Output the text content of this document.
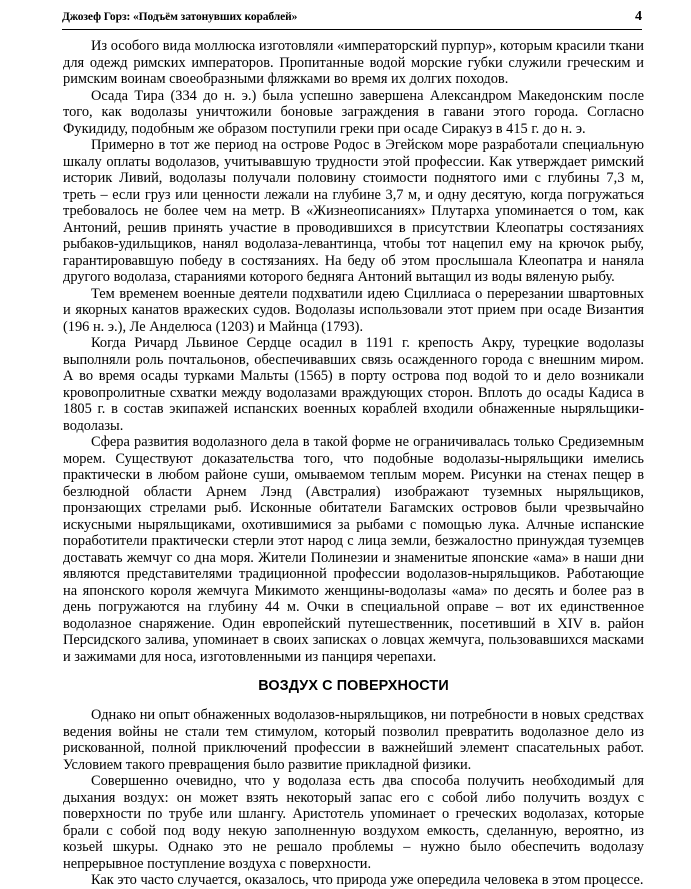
Джозеф Горз: «Подъём затонувших кораблей»	4

Из особого вида моллюска изготовляли «императорский пурпур», которым красили ткани для одежд римских императоров. Пропитанные водой морские губки служили греческим и римским воинам своеобразными фляжками во время их долгих походов.

Осада Тира (334 до н. э.) была успешно завершена Александром Македонским после того, как водолазы уничтожили боновые заграждения в гавани этого города. Согласно Фукидиду, подобным же образом поступили греки при осаде Сиракуз в 415 г. до н. э.

Примерно в тот же период на острове Родос в Эгейском море разработали специальную шкалу оплаты водолазов, учитывавшую трудности этой профессии. Как утверждает римский историк Ливий, водолазы получали половину стоимости поднятого ими с глубины 7,3 м, треть – если груз или ценности лежали на глубине 3,7 м, и одну десятую, когда погружаться требовалось не более чем на метр. В «Жизнеописаниях» Плутарха упоминается о том, как Антоний, решив принять участие в проводившихся в присутствии Клеопатры состязаниях рыбаков-удильщиков, нанял водолаза-левантинца, чтобы тот нацепил ему на крючок рыбу, гарантировавшую победу в состязаниях. На беду об этом прослышала Клеопатра и наняла другого водолаза, стараниями которого бедняга Антоний вытащил из воды вяленую рыбу.

Тем временем военные деятели подхватили идею Сциллиаса о перерезании швартовных и якорных канатов вражеских судов. Водолазы использовали этот прием при осаде Византия (196 н. э.), Ле Анделюса (1203) и Майнца (1793).

Когда Ричард Львиное Сердце осадил в 1191 г. крепость Акру, турецкие водолазы выполняли роль почтальонов, обеспечивавших связь осажденного города с внешним миром. А во время осады турками Мальты (1565) в порту острова под водой то и дело возникали кровопролитные схватки между водолазами враждующих сторон. Вплоть до осады Кадиса в 1805 г. в состав экипажей испанских военных кораблей входили обнаженные ныряльщики-водолазы.

Сфера развития водолазного дела в такой форме не ограничивалась только Средиземным морем. Существуют доказательства того, что подобные водолазы-ныряльщики имелись практически в любом районе суши, омываемом теплым морем. Рисунки на стенах пещер в безлюдной области Арнем Лэнд (Австралия) изображают туземных ныряльщиков, пронзающих стрелами рыб. Исконные обитатели Багамских островов были чрезвычайно искусными ныряльщиками, охотившимися за рыбами с помощью лука. Алчные испанские поработители практически стерли этот народ с лица земли, безжалостно принуждая туземцев доставать жемчуг со дна моря. Жители Полинезии и знаменитые японские «ама» в наши дни являются представителями традиционной профессии водолазов-ныряльщиков. Работающие на японского короля жемчуга Микимото женщины-водолазы «ама» по десять и более раз в день погружаются на глубину 44 м. Очки в специальной оправе – вот их единственное водолазное снаряжение. Один европейский путешественник, посетивший в XIV в. район Персидского залива, упоминает в своих записках о ловцах жемчуга, пользовавшихся масками и зажимами для носа, изготовленными из панциря черепахи.

ВОЗДУХ С ПОВЕРХНОСТИ

Однако ни опыт обнаженных водолазов-ныряльщиков, ни потребности в новых средствах ведения войны не стали тем стимулом, который позволил превратить водолазное дело из рискованной, полной приключений профессии в важнейший элемент спасательных работ. Условием такого превращения было развитие прикладной физики.

Совершенно очевидно, что у водолаза есть два способа получить необходимый для дыхания воздух: он может взять некоторый запас его с собой либо получить воздух с поверхности по трубе или шлангу. Аристотель упоминает о греческих водолазах, которые брали с собой под воду некую заполненную воздухом емкость, сделанную, вероятно, из козьей шкуры. Однако это не решало проблемы – нужно было обеспечить водолазу непрерывное поступление воздуха с поверхности.

Как это часто случается, оказалось, что природа уже опередила человека в этом процессе.
